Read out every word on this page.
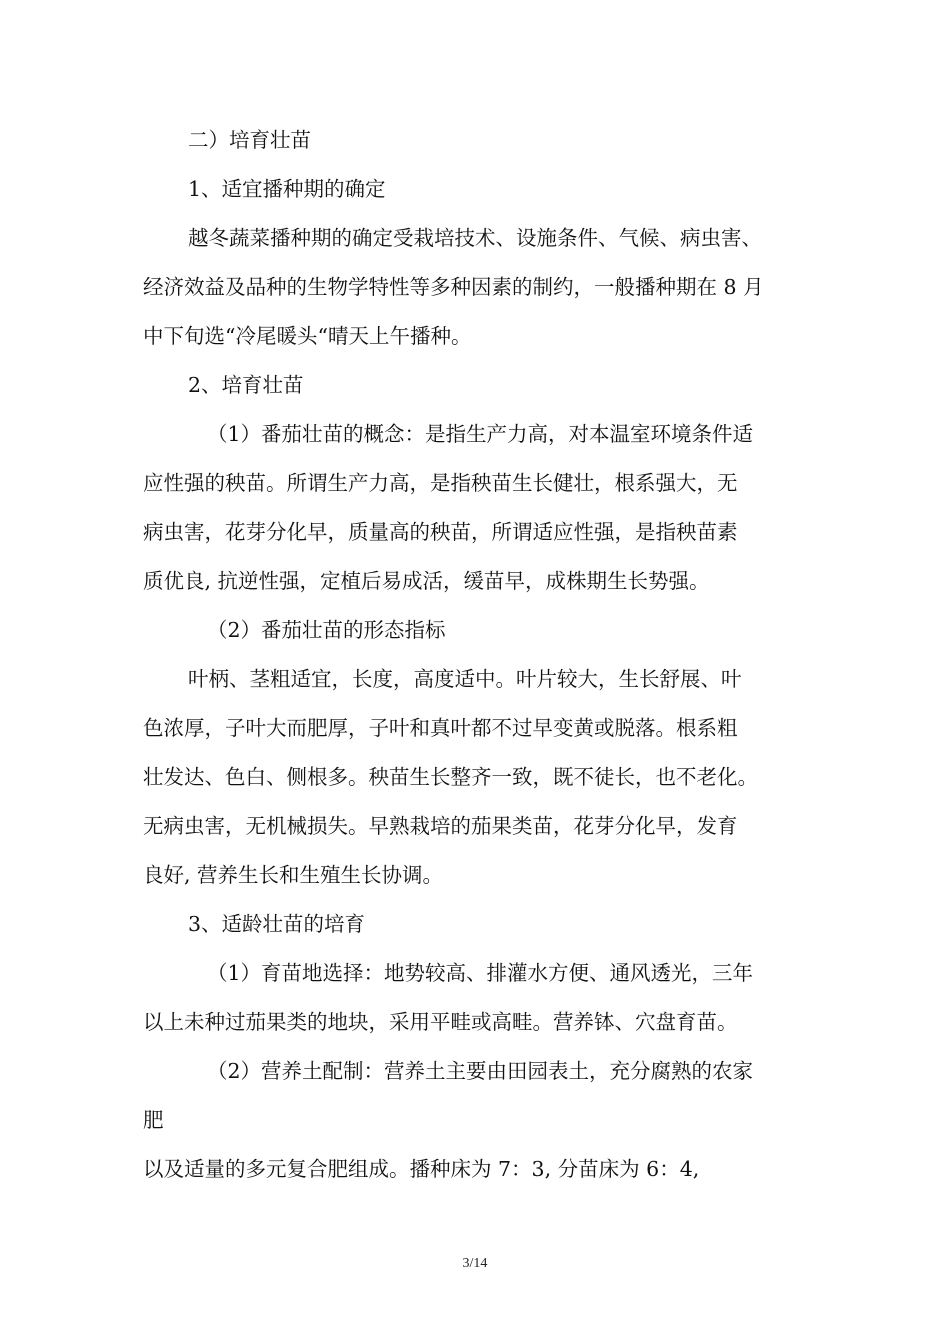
二）培育壮苗
1、适宜播种期的确定
越冬蔬菜播种期的确定受栽培技术、设施条件、气候、病虫害、
经济效益及品种的生物学特性等多种因素的制约，一般播种期在 8 月
中下旬选“冷尾暖头“晴天上午播种。
2、培育壮苗
（1）番茄壮苗的概念：是指生产力高，对本温室环境条件适
应性强的秧苗。所谓生产力高，是指秧苗生长健壮，根系强大，无
病虫害，花芽分化早，质量高的秧苗，所谓适应性强，是指秧苗素
质优良, 抗逆性强，定植后易成活，缓苗早，成株期生长势强。
（2）番茄壮苗的形态指标
叶柄、茎粗适宜，长度，高度适中。叶片较大，生长舒展、叶
色浓厚，子叶大而肥厚，子叶和真叶都不过早变黄或脱落。根系粗
壮发达、色白、侧根多。秧苗生长整齐一致，既不徒长，也不老化。
无病虫害，无机械损失。早熟栽培的茄果类苗，花芽分化早，发育
良好, 营养生长和生殖生长协调。
3、适龄壮苗的培育
（1）育苗地选择：地势较高、排灌水方便、通风透光，三年
以上未种过茄果类的地块，采用平畦或高畦。营养钵、穴盘育苗。
（2）营养土配制：营养土主要由田园表土，充分腐熟的农家
肥
以及适量的多元复合肥组成。播种床为 7：3, 分苗床为 6：4,
3/14
